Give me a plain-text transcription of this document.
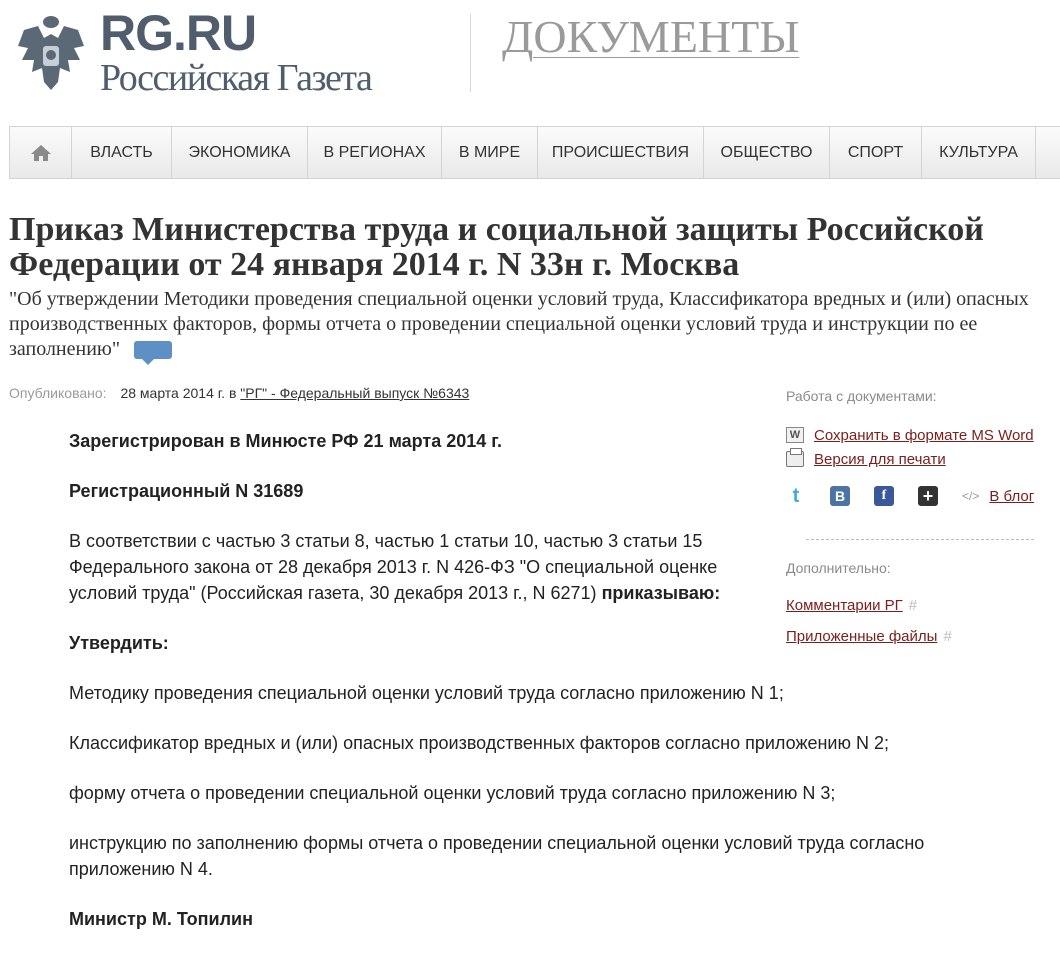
RG.RU
Российская Газета
ДОКУМЕНТЫ
ВЛАСТЬ	ЭКОНОМИКА	В РЕГИОНАХ	В МИРЕ	ПРОИСШЕСТВИЯ	ОБЩЕСТВО	СПОРТ	КУЛЬТУРА
Приказ Министерства труда и социальной защиты Российской Федерации от 24 января 2014 г. N 33н г. Москва
"Об утверждении Методики проведения специальной оценки условий труда, Классификатора вредных и (или) опасных производственных факторов, формы отчета о проведении специальной оценки условий труда и инструкции по ее заполнению"
Опубликовано: 28 марта 2014 г. в "РГ" - Федеральный выпуск №6343

Зарегистрирован в Минюсте РФ 21 марта 2014 г.

Регистрационный N 31689

В соответствии с частью 3 статьи 8, частью 1 статьи 10, частью 3 статьи 15 Федерального закона от 28 декабря 2013 г. N 426-ФЗ "О специальной оценке условий труда" (Российская газета, 30 декабря 2013 г., N 6271) приказываю:

Утвердить:

Методику проведения специальной оценки условий труда согласно приложению N 1;

Классификатор вредных и (или) опасных производственных факторов согласно приложению N 2;

форму отчета о проведении специальной оценки условий труда согласно приложению N 3;

инструкцию по заполнению формы отчета о проведении специальной оценки условий труда согласно приложению N 4.

Министр М. Топилин

Работа с документами:
W Сохранить в формате MS Word
Версия для печати
t	B	f	+	</> В блог
Дополнительно:
Комментарии РГ #
Приложенные файлы #
